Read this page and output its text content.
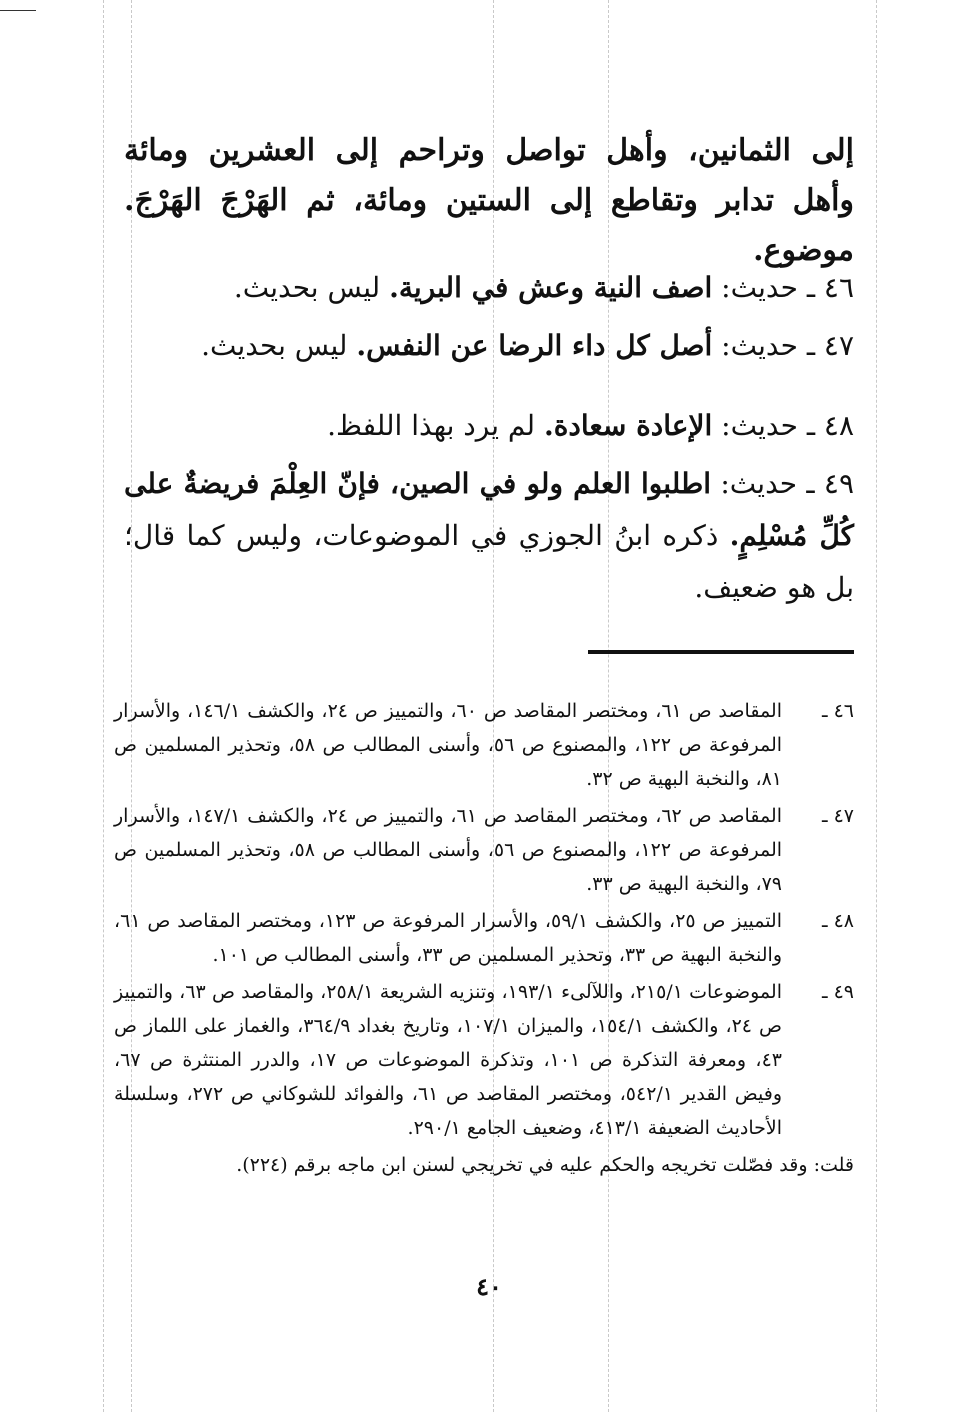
إلى الثمانين، وأهل تواصل وتراحم إلى العشرين ومائة وأهل تدابر وتقاطع إلى الستين ومائة، ثم الهَرْجَ الهَرْجَ. موضوع.

٤٦ ـ حديث: اصف النية وعش في البرية. ليس بحديث.

٤٧ ـ حديث: أصل كل داء الرضا عن النفس. ليس بحديث.

٤٨ ـ حديث: الإعادة سعادة. لم يرد بهذا اللفظ.

٤٩ ـ حديث: اطلبوا العلم ولو في الصين، فإنّ العِلْمَ فريضةٌ على كُلِّ مُسْلِمٍ. ذكره ابنُ الجوزي في الموضوعات، وليس كما قال؛ بل هو ضعيف.

٤٦ ـ
المقاصد ص ٦١، ومختصر المقاصد ص ٦٠، والتمييز ص ٢٤، والكشف ١٤٦/١، والأسرار المرفوعة ص ١٢٢، والمصنوع ص ٥٦، وأسنى المطالب ص ٥٨، وتحذير المسلمين ص ٨١، والنخبة البهية ص ٣٢.
٤٧ ـ
المقاصد ص ٦٢، ومختصر المقاصد ص ٦١، والتمييز ص ٢٤، والكشف ١٤٧/١، والأسرار المرفوعة ص ١٢٢، والمصنوع ص ٥٦، وأسنى المطالب ص ٥٨، وتحذير المسلمين ص ٧٩، والنخبة البهية ص ٣٣.
٤٨ ـ
التمييز ص ٢٥، والكشف ٥٩/١، والأسرار المرفوعة ص ١٢٣، ومختصر المقاصد ص ٦١، والنخبة البهية ص ٣٣، وتحذير المسلمين ص ٣٣، وأسنى المطالب ص ١٠١.
٤٩ ـ
الموضوعات ٢١٥/١، واللآلىء ١٩٣/١، وتنزيه الشريعة ٢٥٨/١، والمقاصد ص ٦٣، والتمييز ص ٢٤، والكشف ١٥٤/١، والميزان ١٠٧/١، وتاريخ بغداد ٣٦٤/٩، والغماز على اللماز ص ٤٣، ومعرفة التذكرة ص ١٠١، وتذكرة الموضوعات ص ١٧، والدرر المنتثرة ص ٦٧، وفيض القدير ٥٤٢/١، ومختصر المقاصد ص ٦١، والفوائد للشوكاني ص ٢٧٢، وسلسلة الأحاديث الضعيفة ٤١٣/١، وضعيف الجامع ٢٩٠/١.
قلت: وقد فصّلت تخريجه والحكم عليه في تخريجي لسنن ابن ماجه برقم (٢٢٤).
٤٠
